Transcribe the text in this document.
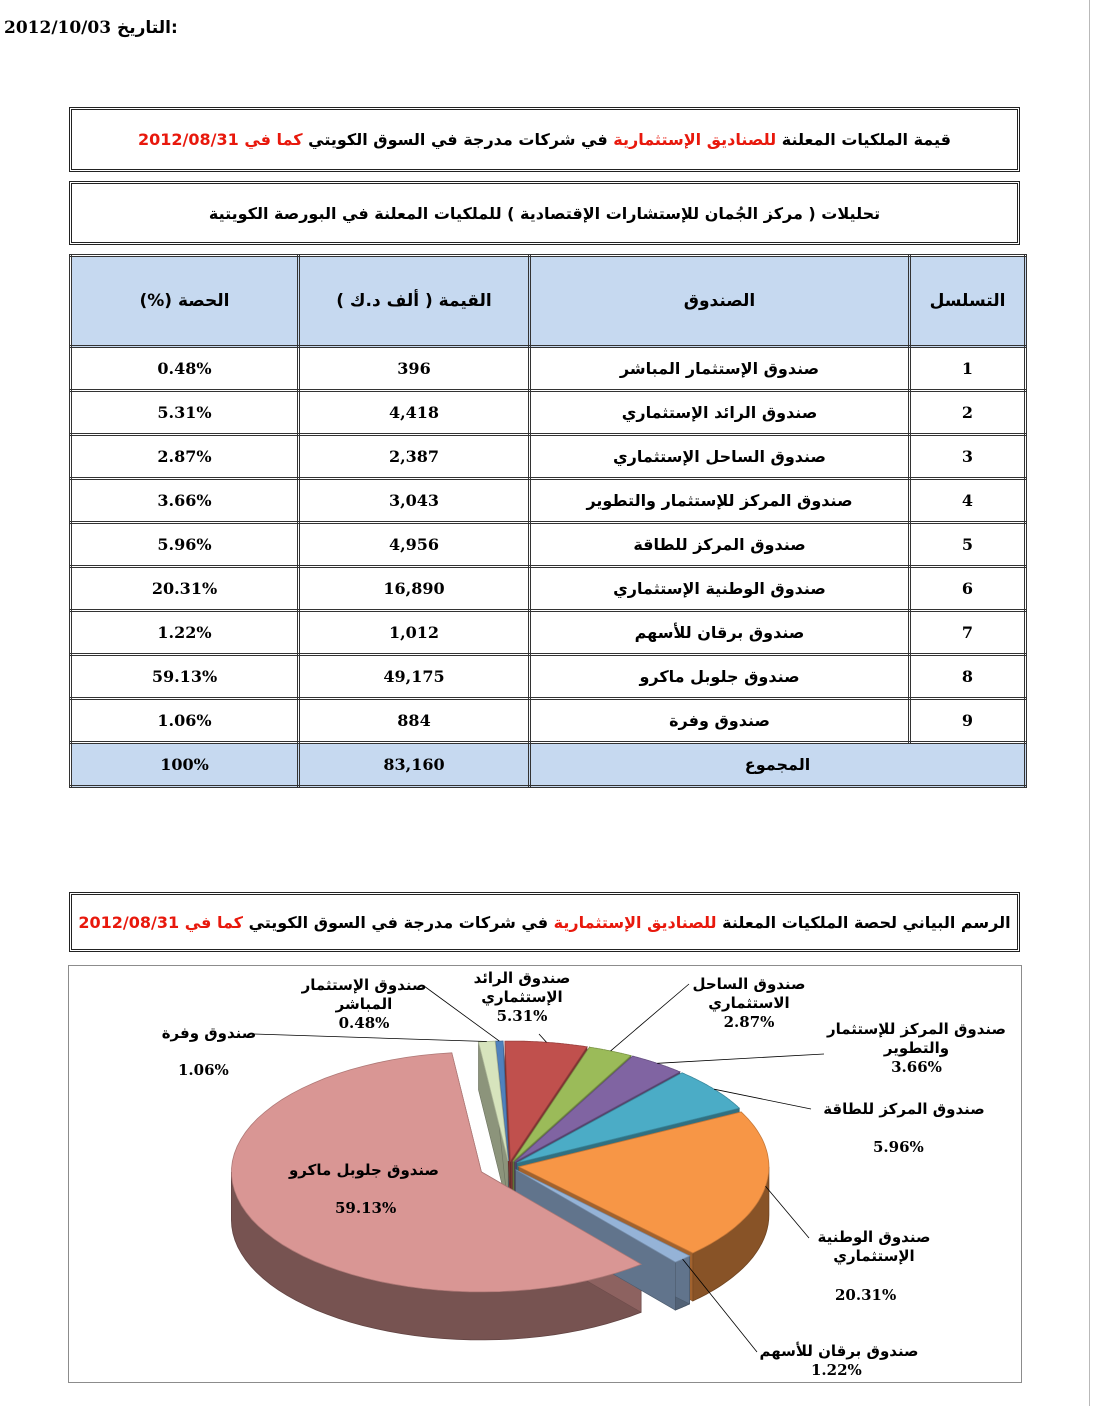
2012/10/03 التاريخ:
قيمة الملكيات المعلنة

للصناديق الإستثمارية

في شركات مدرجة في السوق الكويتي

كما في 2012/08/31
تحليلات ( مركز الجُمان للإستشارات الإقتصادية ) للملكيات المعلنة في البورصة الكويتية
التسلسل	الصندوق	القيمة ( ألف د.ك )	الحصة (%)
1	صندوق الإستثمار المباشر	396	0.48%
2	صندوق الرائد الإستثماري	4,418	5.31%
3	صندوق الساحل الإستثماري	2,387	2.87%
4	صندوق المركز للإستثمار والتطوير	3,043	3.66%
5	صندوق المركز للطاقة	4,956	5.96%
6	صندوق الوطنية الإستثماري	16,890	20.31%
7	صندوق برقان للأسهم	1,012	1.22%
8	صندوق جلوبل ماكرو	49,175	59.13%
9	صندوق وفرة	884	1.06%
المجموع		83,160	100%
الرسم البياني لحصة الملكيات المعلنة

للصناديق الإستثمارية

في شركات مدرجة في السوق الكويتي

كما في 2012/08/31
صندوق الإستثمار
المباشر
0.48%
صندوق الرائد
الإستثماري
5.31%
صندوق الساحل
الاستثماري
2.87%	صندوق المركز للإستثمار
والتطوير
3.66%
صندوق المركز للطاقة
5.96%
صندوق الوطنية
الإستثماري
20.31%
صندوق برقان للأسهم
1.22%
صندوق جلوبل ماكرو
59.13%
صندوق وفرة
1.06%
